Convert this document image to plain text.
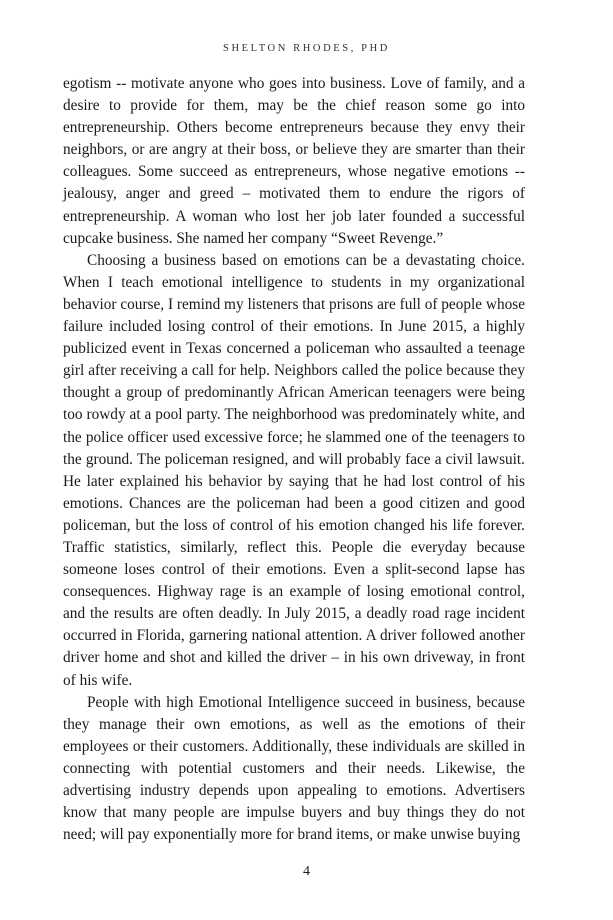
SHELTON RHODES, PHD

egotism -- motivate anyone who goes into business. Love of family, and a desire to provide for them, may be the chief reason some go into entrepreneurship. Others become entrepreneurs because they envy their neighbors, or are angry at their boss, or believe they are smarter than their colleagues. Some succeed as entrepreneurs, whose negative emotions -- jealousy, anger and greed – motivated them to endure the rigors of entrepreneurship. A woman who lost her job later founded a successful cupcake business. She named her company “Sweet Revenge.”

Choosing a business based on emotions can be a devastating choice. When I teach emotional intelligence to students in my organizational behavior course, I remind my listeners that prisons are full of people whose failure included losing control of their emotions. In June 2015, a highly publicized event in Texas concerned a policeman who assaulted a teenage girl after receiving a call for help. Neighbors called the police because they thought a group of predominantly African American teenagers were being too rowdy at a pool party. The neighborhood was predominately white, and the police officer used excessive force; he slammed one of the teenagers to the ground. The policeman resigned, and will probably face a civil lawsuit. He later explained his behavior by saying that he had lost control of his emotions. Chances are the policeman had been a good citizen and good policeman, but the loss of control of his emotion changed his life forever. Traffic statistics, similarly, reflect this. People die everyday because someone loses control of their emotions. Even a split-second lapse has consequences. Highway rage is an example of losing emotional control, and the results are often deadly. In July 2015, a deadly road rage incident occurred in Florida, garnering national attention. A driver followed another driver home and shot and killed the driver – in his own driveway, in front of his wife.

People with high Emotional Intelligence succeed in business, because they manage their own emotions, as well as the emotions of their employees or their customers. Additionally, these individuals are skilled in connecting with potential customers and their needs. Likewise, the advertising industry depends upon appealing to emotions. Advertisers know that many people are impulse buyers and buy things they do not need; will pay exponentially more for brand items, or make unwise buying

4
